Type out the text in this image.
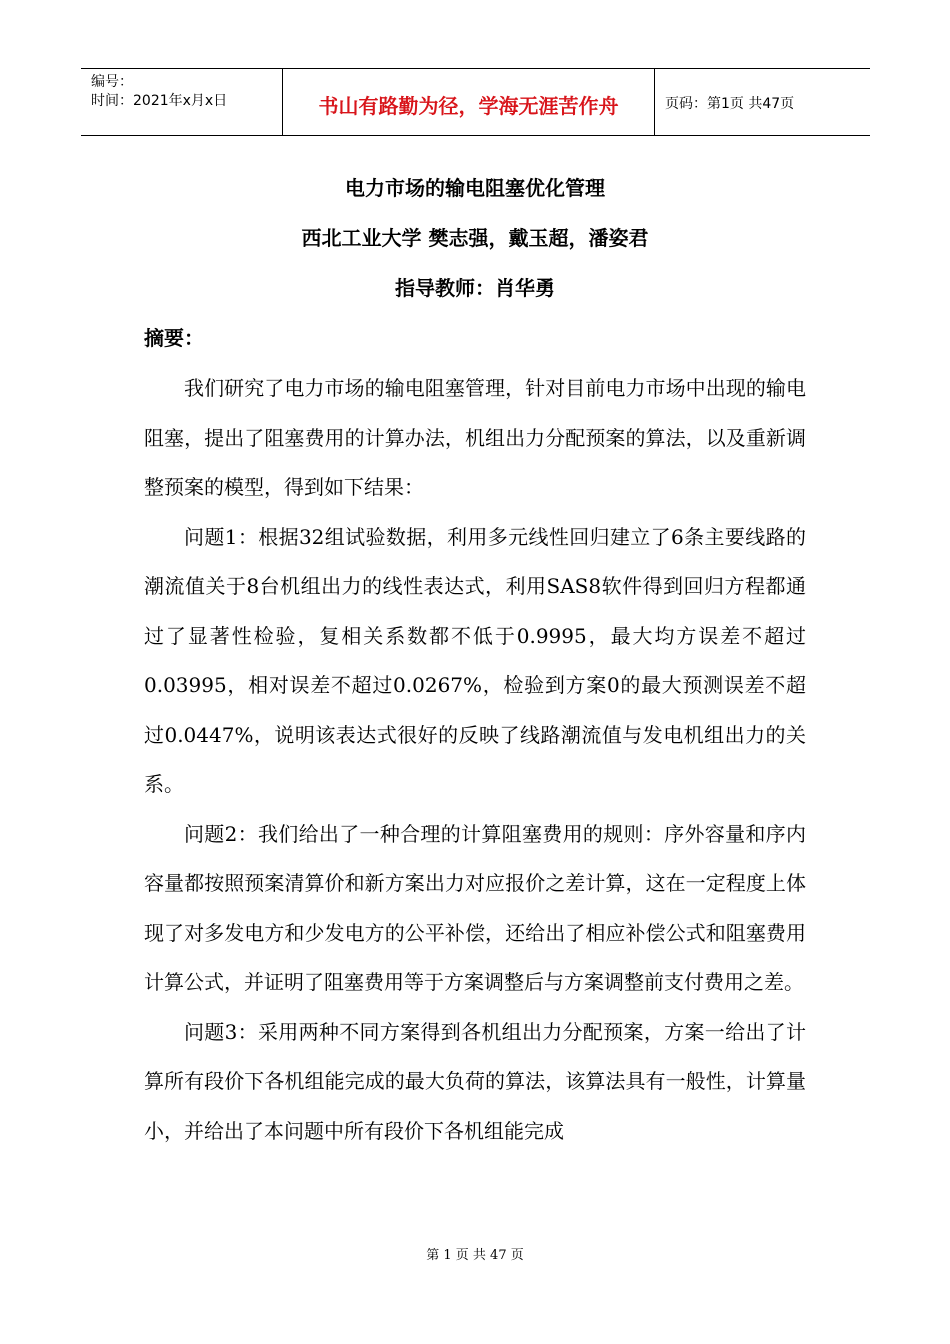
编号：
时间：2021年x月x日	书山有路勤为径，学海无涯苦作舟	页码：第1页 共47页
电力市场的输电阻塞优化管理
西北工业大学 樊志强，戴玉超，潘姿君
指导教师：肖华勇
摘要：

我们研究了电力市场的输电阻塞管理，针对目前电力市场中出现的输电阻塞，提出了阻塞费用的计算办法，机组出力分配预案的算法，以及重新调整预案的模型，得到如下结果：

问题1：根据32组试验数据，利用多元线性回归建立了6条主要线路的潮流值关于8台机组出力的线性表达式，利用SAS8软件得到回归方程都通过了显著性检验，复相关系数都不低于0.9995，最大均方误差不超过0.03995，相对误差不超过0.0267%，检验到方案0的最大预测误差不超过0.0447%，说明该表达式很好的反映了线路潮流值与发电机组出力的关系。

问题2：我们给出了一种合理的计算阻塞费用的规则：序外容量和序内容量都按照预案清算价和新方案出力对应报价之差计算，这在一定程度上体现了对多发电方和少发电方的公平补偿，还给出了相应补偿公式和阻塞费用计算公式，并证明了阻塞费用等于方案调整后与方案调整前支付费用之差。

问题3：采用两种不同方案得到各机组出力分配预案，方案一给出了计算所有段价下各机组能完成的最大负荷的算法，该算法具有一般性，计算量小，并给出了本问题中所有段价下各机组能完成

第 1 页 共 47 页
